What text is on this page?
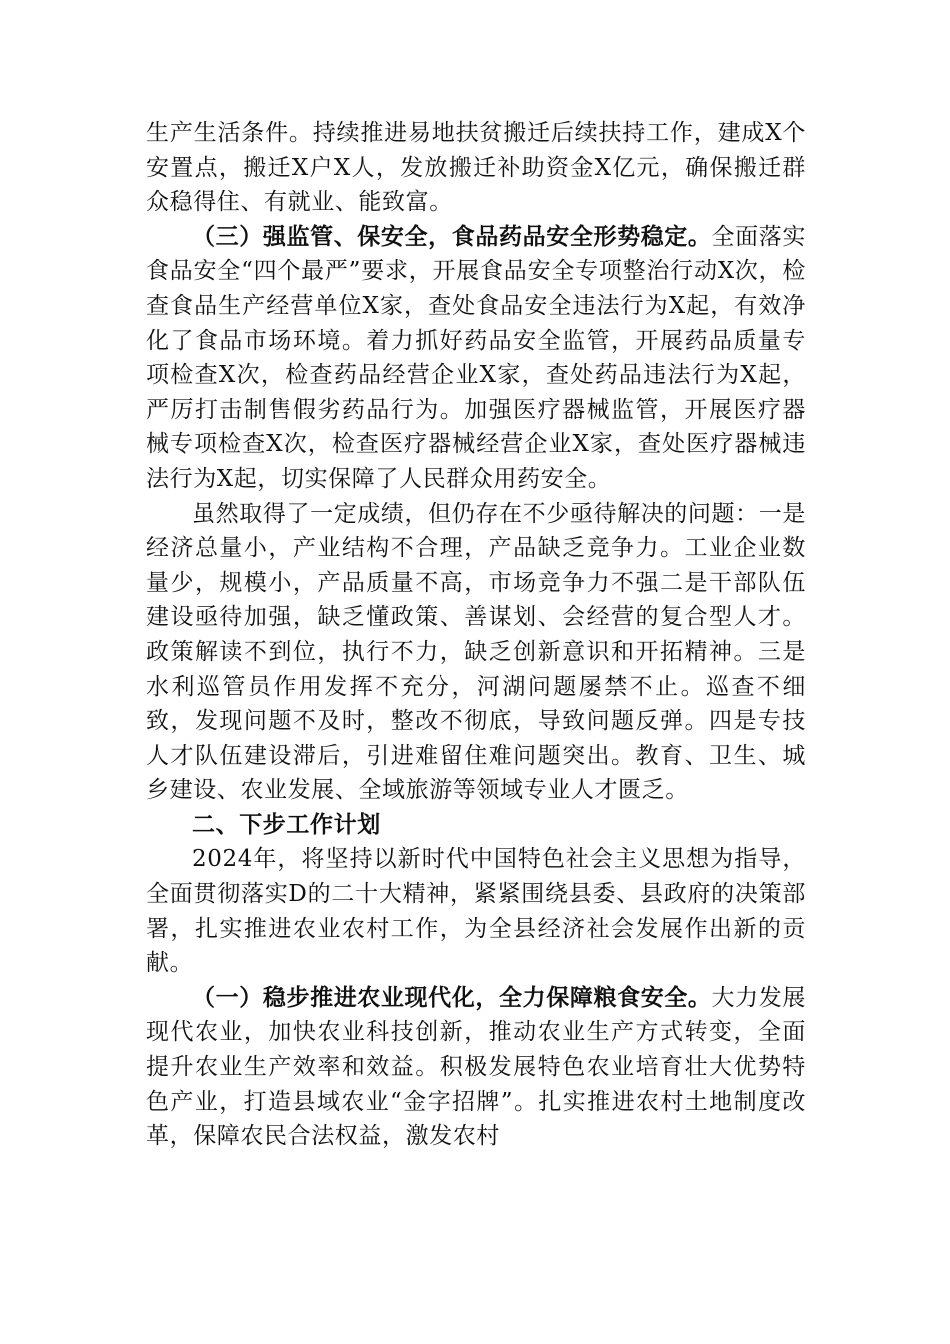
生产生活条件。持续推进易地扶贫搬迁后续扶持工作，建成X个安置点，搬迁X户X人，发放搬迁补助资金X亿元，确保搬迁群众稳得住、有就业、能致富。

（三）强监管、保安全，食品药品安全形势稳定。全面落实食品安全“四个最严”要求，开展食品安全专项整治行动X次，检查食品生产经营单位X家，查处食品安全违法行为X起，有效净化了食品市场环境。着力抓好药品安全监管，开展药品质量专项检查X次，检查药品经营企业X家，查处药品违法行为X起，严厉打击制售假劣药品行为。加强医疗器械监管，开展医疗器械专项检查X次，检查医疗器械经营企业X家，查处医疗器械违法行为X起，切实保障了人民群众用药安全。

虽然取得了一定成绩，但仍存在不少亟待解决的问题：一是经济总量小，产业结构不合理，产品缺乏竞争力。工业企业数量少，规模小，产品质量不高，市场竞争力不强二是干部队伍建设亟待加强，缺乏懂政策、善谋划、会经营的复合型人才。政策解读不到位，执行不力，缺乏创新意识和开拓精神。三是水利巡管员作用发挥不充分，河湖问题屡禁不止。巡查不细致，发现问题不及时，整改不彻底，导致问题反弹。四是专技人才队伍建设滞后，引进难留住难问题突出。教育、卫生、城乡建设、农业发展、全域旅游等领域专业人才匮乏。

二、下步工作计划

2024年，将坚持以新时代中国特色社会主义思想为指导，全面贯彻落实D的二十大精神，紧紧围绕县委、县政府的决策部署，扎实推进农业农村工作，为全县经济社会发展作出新的贡献。

（一）稳步推进农业现代化，全力保障粮食安全。大力发展现代农业，加快农业科技创新，推动农业生产方式转变，全面提升农业生产效率和效益。积极发展特色农业培育壮大优势特色产业，打造县域农业“金字招牌”。扎实推进农村土地制度改革，保障农民合法权益，激发农村
